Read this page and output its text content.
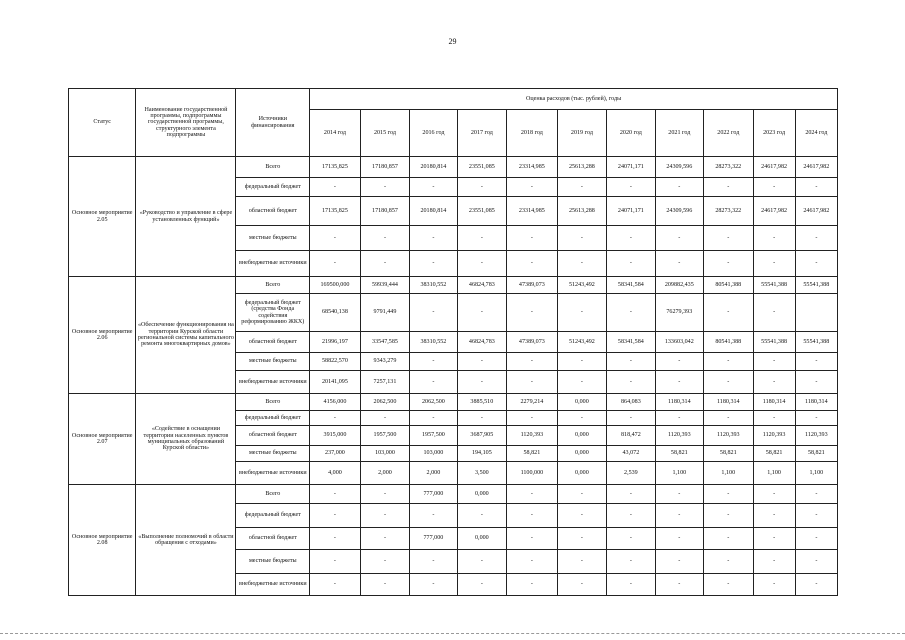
29
Статус	Наименование государственной программы, подпрограммы государственной программы, структурного элемента подпрограммы	Источники финансирования	Оценка расходов (тыс. рублей), годы										
			2014 год	2015 год	2016 год	2017 год	2018 год	2019 год	2020 год	2021 год	2022 год	2023 год	2024 год
Основное мероприятие 2.05	«Руководство и управление в сфере установленных функций»	Всего	17135,825	17180,857	20180,814	23551,085	23314,985	25613,288	24071,171	24309,596	28273,322	24617,982	24617,982
		федеральный бюджет	-	-	-	-	-	-	-	-	-	-	-
		областной бюджет	17135,825	17180,857	20180,814	23551,085	23314,985	25613,288	24071,171	24309,596	28273,322	24617,982	24617,982
		местные бюджеты	-	-	-	-	-	-	-	-	-	-	-
		внебюджетные источники	-	-	-	-	-	-	-	-	-	-	-
Основное мероприятие 2.06	«Обеспечение функционирования на территории Курской области региональной системы капитального ремонта многоквартирных домов»	Всего	169500,000	59939,444	38310,552	46824,783	47389,073	51243,492	58341,584	209882,435	80541,388	55541,388	55541,388
		федеральный бюджет (средства Фонда содействия реформированию ЖКХ)	68540,138	9791,449	-	-	-	-	-	76279,393	-	-	
		областной бюджет	21996,197	33547,585	38310,552	46824,783	47389,073	51243,492	58341,584	133603,042	80541,388	55541,388	55541,388
		местные бюджеты	58822,570	9343,279	-	-	-	-	-	-	-	-	-
		внебюджетные источники	20141,095	7257,131	-	-	-	-	-	-	-	-	-
Основное мероприятие 2.07	«Содействие в оснащении территории населенных пунктов муниципальных образований Курской области»	Всего	4156,000	2062,500	2062,500	3885,510	2279,214	0,000	864,083	1180,314	1180,314	1180,314	1180,314
		федеральный бюджет	-	-	-	-	-	-	-	-	-	-	-
		областной бюджет	3915,000	1957,500	1957,500	3687,905	1120,393	0,000	818,472	1120,393	1120,393	1120,393	1120,393
		местные бюджеты	237,000	103,000	103,000	194,105	58,821	0,000	43,072	58,821	58,821	58,821	58,821
		внебюджетные источники	4,000	2,000	2,000	3,500	1100,000	0,000	2,539	1,100	1,100	1,100	1,100
Основное мероприятие 2.08	«Выполнение полномочий в области обращения с отходами»	Всего	-	-	777,000	0,000	-	-	-	-	-	-	-
		федеральный бюджет	-	-	-	-	-	-	-	-	-	-	-
		областной бюджет	-	-	777,000	0,000	-	-	-	-	-	-	-
		местные бюджеты	-	-	-	-	-	-	-	-	-	-	-
		внебюджетные источники	-	-	-	-	-	-	-	-	-	-	-
